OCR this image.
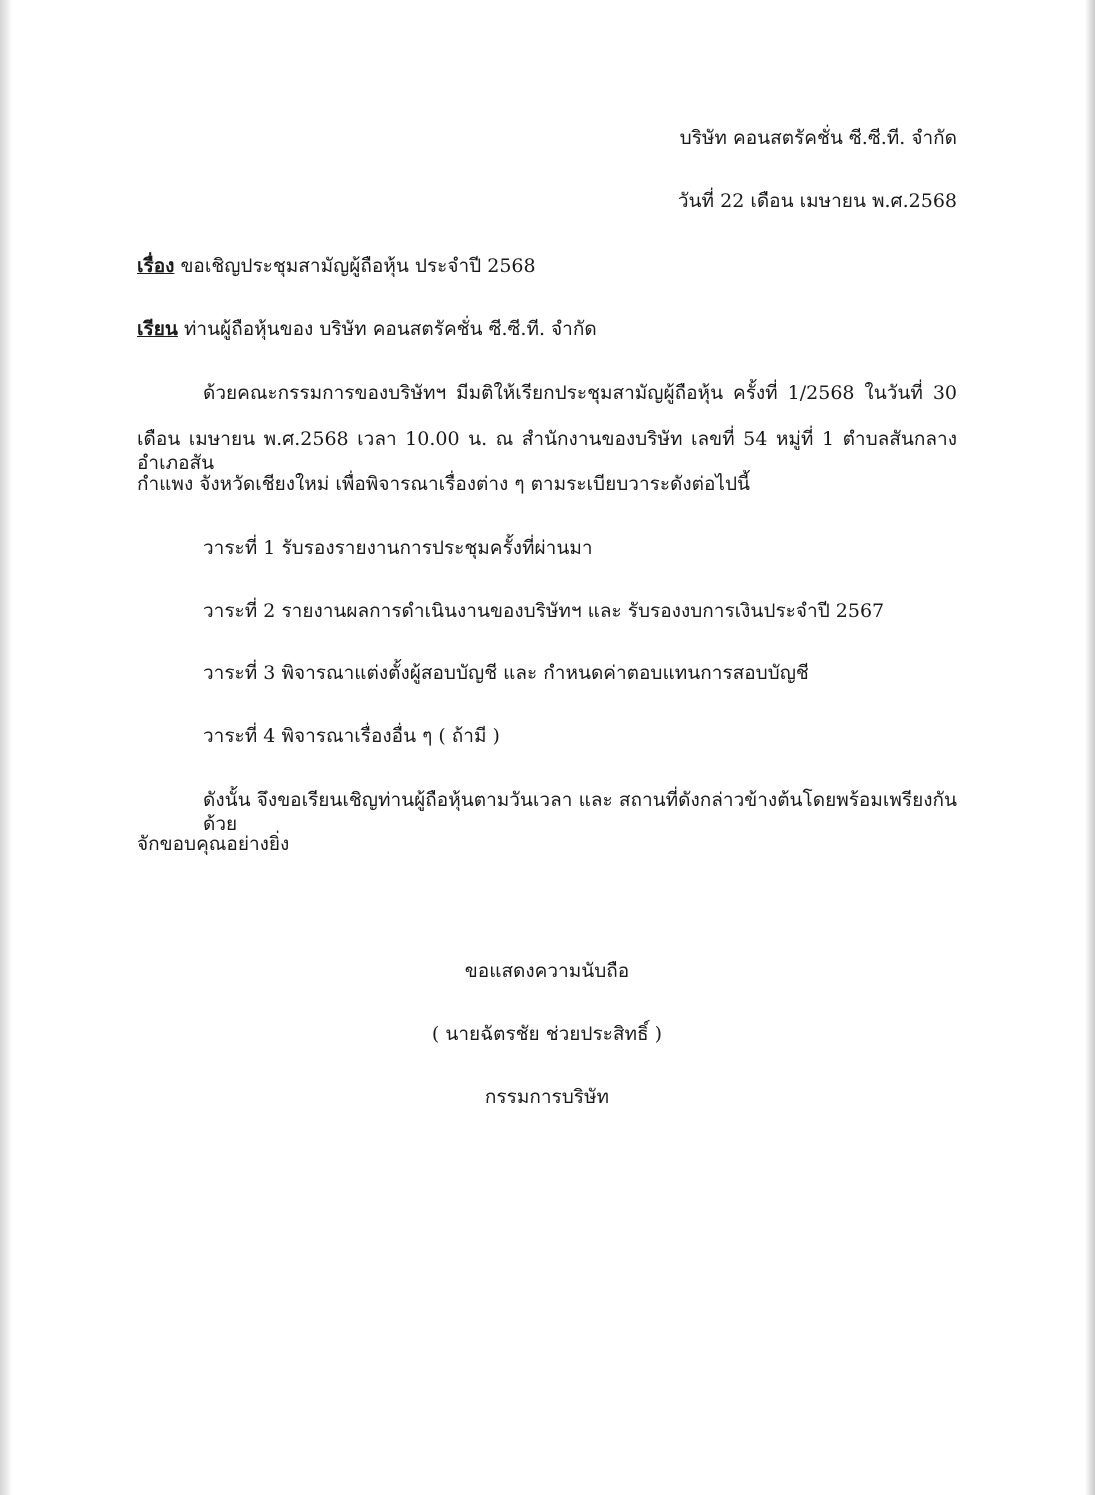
บริษัท คอนสตรัคชั่น ซี.ซี.ที. จำกัด
วันที่ 22 เดือน เมษายน พ.ศ.2568
เรื่อง ขอเชิญประชุมสามัญผู้ถือหุ้น ประจำปี 2568
เรียน ท่านผู้ถือหุ้นของ บริษัท คอนสตรัคชั่น ซี.ซี.ที. จำกัด
ด้วยคณะกรรมการของบริษัทฯ มีมติให้เรียกประชุมสามัญผู้ถือหุ้น ครั้งที่ 1/2568 ในวันที่ 30
เดือน เมษายน พ.ศ.2568 เวลา 10.00 น. ณ สำนักงานของบริษัท เลขที่ 54 หมู่ที่ 1 ตำบลสันกลาง อำเภอสัน
กำแพง จังหวัดเชียงใหม่ เพื่อพิจารณาเรื่องต่าง ๆ ตามระเบียบวาระดังต่อไปนี้
วาระที่ 1 รับรองรายงานการประชุมครั้งที่ผ่านมา
วาระที่ 2 รายงานผลการดำเนินงานของบริษัทฯ และ รับรองงบการเงินประจำปี 2567
วาระที่ 3 พิจารณาแต่งตั้งผู้สอบบัญชี และ กำหนดค่าตอบแทนการสอบบัญชี
วาระที่ 4 พิจารณาเรื่องอื่น ๆ ( ถ้ามี )
ดังนั้น จึงขอเรียนเชิญท่านผู้ถือหุ้นตามวันเวลา และ สถานที่ดังกล่าวข้างต้นโดยพร้อมเพรียงกันด้วย
จักขอบคุณอย่างยิ่ง
ขอแสดงความนับถือ
( นายฉัตรชัย ช่วยประสิทธิ์ )
กรรมการบริษัท
